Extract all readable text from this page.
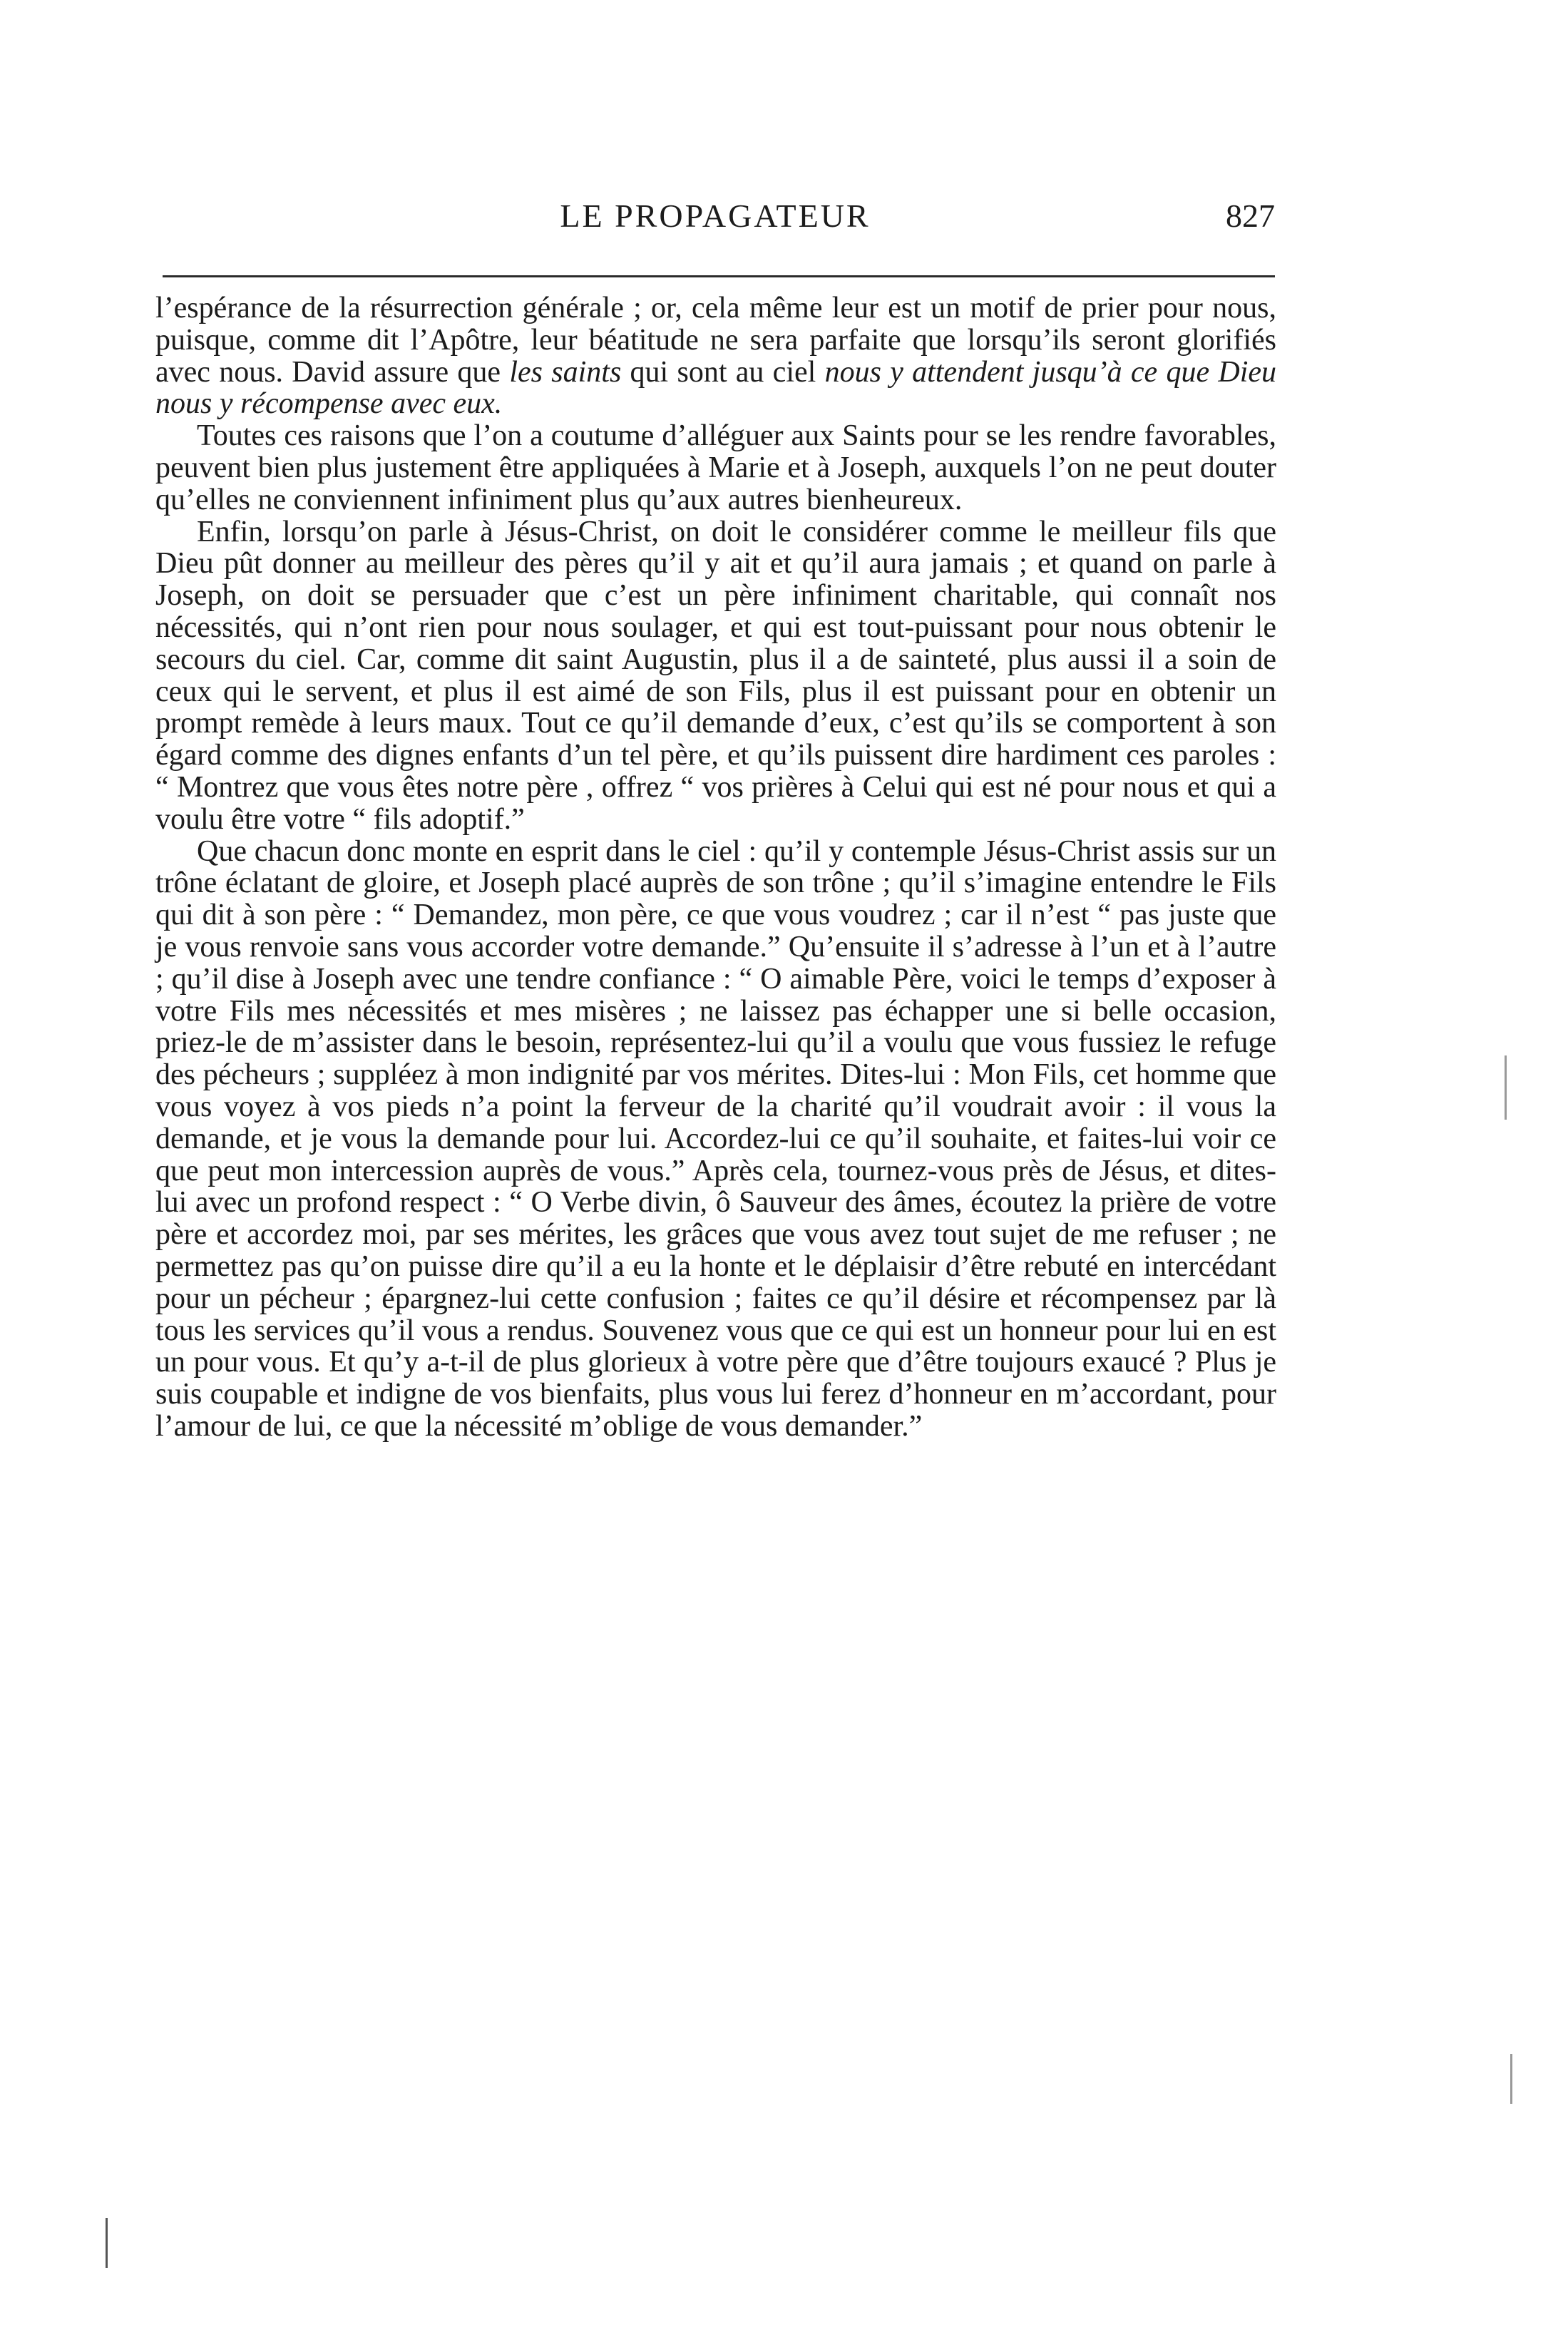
LE PROPAGATEUR	827

l’espérance de la résurrection générale ; or, cela même leur est un motif de prier pour nous, puisque, comme dit l’Apôtre, leur béatitude ne sera parfaite que lorsqu’ils seront glorifiés avec nous. David assure que les saints qui sont au ciel nous y attendent jusqu’à ce que Dieu nous y récompense avec eux.

Toutes ces raisons que l’on a coutume d’alléguer aux Saints pour se les rendre favorables, peuvent bien plus justement être appliquées à Marie et à Joseph, auxquels l’on ne peut douter qu’elles ne conviennent infiniment plus qu’aux autres bienheureux.

Enfin, lorsqu’on parle à Jésus-Christ, on doit le considérer comme le meilleur fils que Dieu pût donner au meilleur des pères qu’il y ait et qu’il aura jamais ; et quand on parle à Joseph, on doit se persuader que c’est un père infiniment charitable, qui connaît nos nécessités, qui n’ont rien pour nous soulager, et qui est tout-puissant pour nous obtenir le secours du ciel. Car, comme dit saint Augustin, plus il a de sainteté, plus aussi il a soin de ceux qui le servent, et plus il est aimé de son Fils, plus il est puissant pour en obtenir un prompt remède à leurs maux. Tout ce qu’il demande d’eux, c’est qu’ils se comportent à son égard comme des dignes enfants d’un tel père, et qu’ils puissent dire hardiment ces paroles : “ Montrez que vous êtes notre père , offrez “ vos prières à Celui qui est né pour nous et qui a voulu être votre “ fils adoptif.”

Que chacun donc monte en esprit dans le ciel : qu’il y contemple Jésus-Christ assis sur un trône éclatant de gloire, et Joseph placé auprès de son trône ; qu’il s’imagine entendre le Fils qui dit à son père : “ Demandez, mon père, ce que vous voudrez ; car il n’est “ pas juste que je vous renvoie sans vous accorder votre demande.” Qu’ensuite il s’adresse à l’un et à l’autre ; qu’il dise à Joseph avec une tendre confiance : “ O aimable Père, voici le temps d’exposer à votre Fils mes nécessités et mes misères ; ne laissez pas échapper une si belle occasion, priez-le de m’assister dans le besoin, représentez-lui qu’il a voulu que vous fussiez le refuge des pécheurs ; suppléez à mon indignité par vos mérites. Dites-lui : Mon Fils, cet homme que vous voyez à vos pieds n’a point la ferveur de la charité qu’il voudrait avoir : il vous la demande, et je vous la demande pour lui. Accordez-lui ce qu’il souhaite, et faites-lui voir ce que peut mon intercession auprès de vous.” Après cela, tournez-vous près de Jésus, et dites-lui avec un profond respect : “ O Verbe divin, ô Sauveur des âmes, écoutez la prière de votre père et accordez moi, par ses mérites, les grâces que vous avez tout sujet de me refuser ; ne permettez pas qu’on puisse dire qu’il a eu la honte et le déplaisir d’être rebuté en intercédant pour un pécheur ; épargnez-lui cette confusion ; faites ce qu’il désire et récompensez par là tous les services qu’il vous a rendus. Souvenez vous que ce qui est un honneur pour lui en est un pour vous. Et qu’y a-t-il de plus glorieux à votre père que d’être toujours exaucé ? Plus je suis coupable et indigne de vos bienfaits, plus vous lui ferez d’honneur en m’accordant, pour l’amour de lui, ce que la nécessité m’oblige de vous demander.”
